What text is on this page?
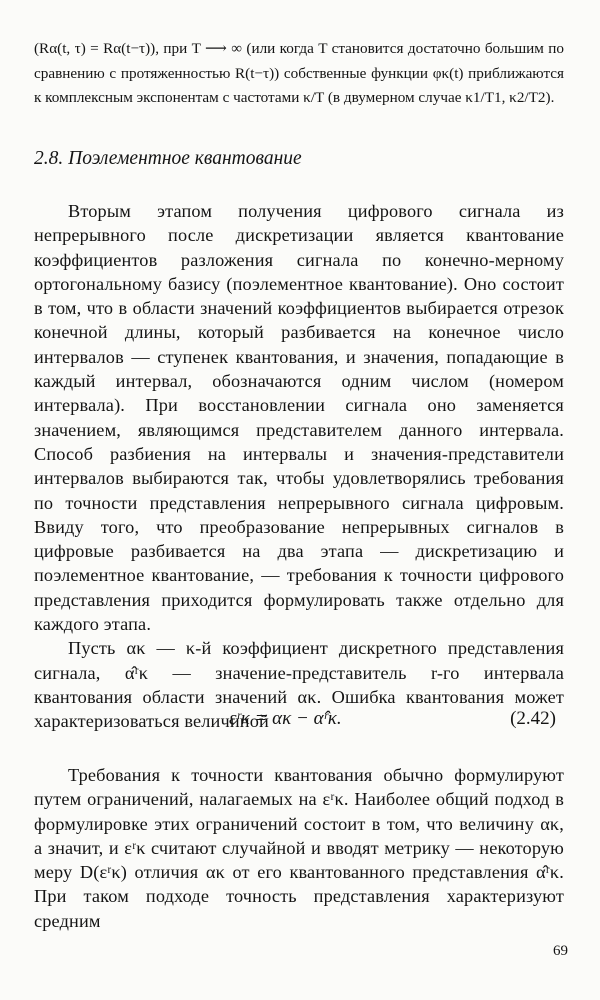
(Rα(t, τ) = Rα(t−τ)), при T ⟶ ∞ (или когда T становится достаточно большим по сравнению с протяженностью R(t−τ)) собственные функции φκ(t) приближаются к комплексным экспонентам с частотами κ/T (в двумерном случае κ1/T1, κ2/T2).

2.8. Поэлементное квантование

Вторым этапом получения цифрового сигнала из непрерывного после дискретизации является квантование коэффициентов разложения сигнала по конечно-мерному ортогональному базису (поэлементное квантование). Оно состоит в том, что в области значений коэффициентов выбирается отрезок конечной длины, который разбивается на конечное число интервалов — ступенек квантования, и значения, попадающие в каждый интервал, обозначаются одним числом (номером интервала). При восстановлении сигнала оно заменяется значением, являющимся представителем данного интервала. Способ разбиения на интервалы и значения-представители интервалов выбираются так, чтобы удовлетворялись требования по точности представления непрерывного сигнала цифровым. Ввиду того, что преобразование непрерывных сигналов в цифровые разбивается на два этапа — дискретизацию и поэлементное квантование, — требования к точности цифрового представления приходится формулировать также отдельно для каждого этапа.

Пусть ακ — κ-й коэффициент дискретного представления сигнала, α̂ʳκ — значение-представитель r-го интервала квантования области значений ακ. Ошибка квантования может характеризоваться величиной

εʳκ = ακ − α̂ʳκ.	(2.42)

Требования к точности квантования обычно формулируют путем ограничений, налагаемых на εʳκ. Наиболее общий подход в формулировке этих ограничений состоит в том, что величину ακ, а значит, и εʳκ считают случайной и вводят метрику — некоторую меру D(εʳκ) отличия ακ от его квантованного представления α̂ʳκ. При таком подходе точность представления характеризуют средним

69
